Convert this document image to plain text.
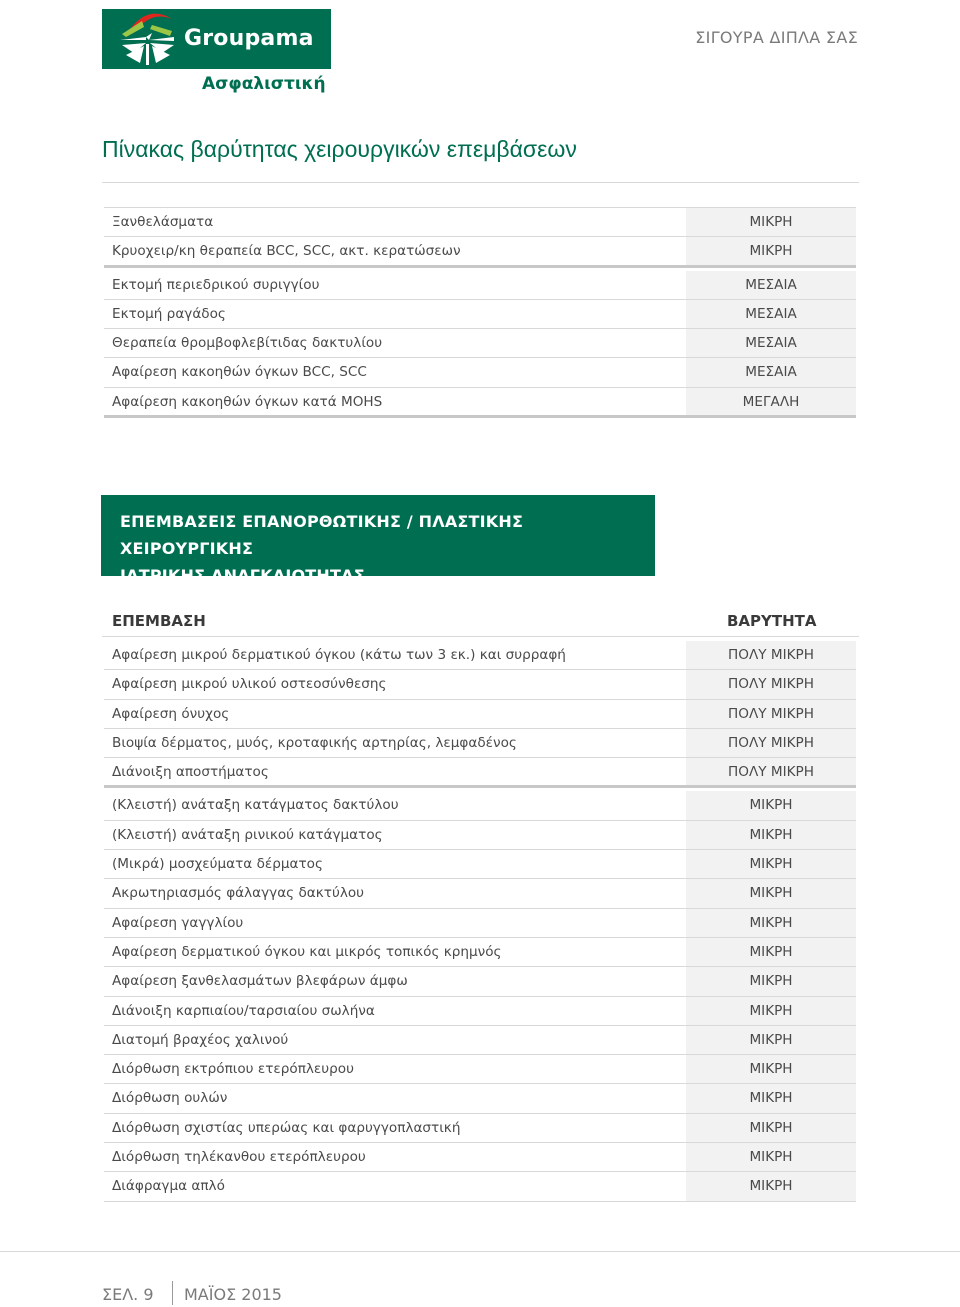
Groupama
Ασφαλιστική
ΣΙΓΟΥΡΑ ΔΙΠΛΑ ΣΑΣ
Πίνακας βαρύτητας χειρουργικών επεμβάσεων
Ξανθελάσματα	ΜΙΚΡΗ
Κρυοχειρ/κη θεραπεία BCC, SCC, ακτ. κερατώσεων	ΜΙΚΡΗ
Εκτομή περιεδρικού συριγγίου	ΜΕΣΑΙΑ
Εκτομή ραγάδος	ΜΕΣΑΙΑ
Θεραπεία θρομβοφλεβίτιδας δακτυλίου	ΜΕΣΑΙΑ
Αφαίρεση κακοηθών όγκων BCC, SCC	ΜΕΣΑΙΑ
Αφαίρεση κακοηθών όγκων κατά MOHS	ΜΕΓΑΛΗ
ΕΠΕΜΒΑΣΕΙΣ ΕΠΑΝΟΡΘΩΤΙΚΗΣ / ΠΛΑΣΤΙΚΗΣ ΧΕΙΡΟΥΡΓΙΚΗΣ
ΙΑΤΡΙΚΗΣ ΑΝΑΓΚΑΙΟΤΗΤΑΣ
ΕΠΕΜΒΑΣΗ	ΒΑΡΥΤΗΤΑ
Αφαίρεση μικρού δερματικού όγκου (κάτω των 3 εκ.) και συρραφή	ΠΟΛΥ ΜΙΚΡΗ
Αφαίρεση μικρού υλικού οστεοσύνθεσης	ΠΟΛΥ ΜΙΚΡΗ
Αφαίρεση όνυχος	ΠΟΛΥ ΜΙΚΡΗ
Βιοψία δέρματος, μυός, κροταφικής αρτηρίας, λεμφαδένος	ΠΟΛΥ ΜΙΚΡΗ
Διάνοιξη αποστήματος	ΠΟΛΥ ΜΙΚΡΗ
(Κλειστή) ανάταξη κατάγματος δακτύλου	ΜΙΚΡΗ
(Κλειστή) ανάταξη ρινικού κατάγματος	ΜΙΚΡΗ
(Μικρά) μοσχεύματα δέρματος	ΜΙΚΡΗ
Ακρωτηριασμός φάλαγγας δακτύλου	ΜΙΚΡΗ
Αφαίρεση γαγγλίου	ΜΙΚΡΗ
Αφαίρεση δερματικού όγκου και μικρός τοπικός κρημνός	ΜΙΚΡΗ
Αφαίρεση ξανθελασμάτων βλεφάρων άμφω	ΜΙΚΡΗ
Διάνοιξη καρπιαίου/ταρσιαίου σωλήνα	ΜΙΚΡΗ
Διατομή βραχέος χαλινού	ΜΙΚΡΗ
Διόρθωση εκτρόπιου ετερόπλευρου	ΜΙΚΡΗ
Διόρθωση ουλών	ΜΙΚΡΗ
Διόρθωση σχιστίας υπερώας και φαρυγγοπλαστική	ΜΙΚΡΗ
Διόρθωση τηλέκανθου ετερόπλευρου	ΜΙΚΡΗ
Διάφραγμα απλό	ΜΙΚΡΗ
ΣΕΛ. 9 ΜΑΪΟΣ 2015
